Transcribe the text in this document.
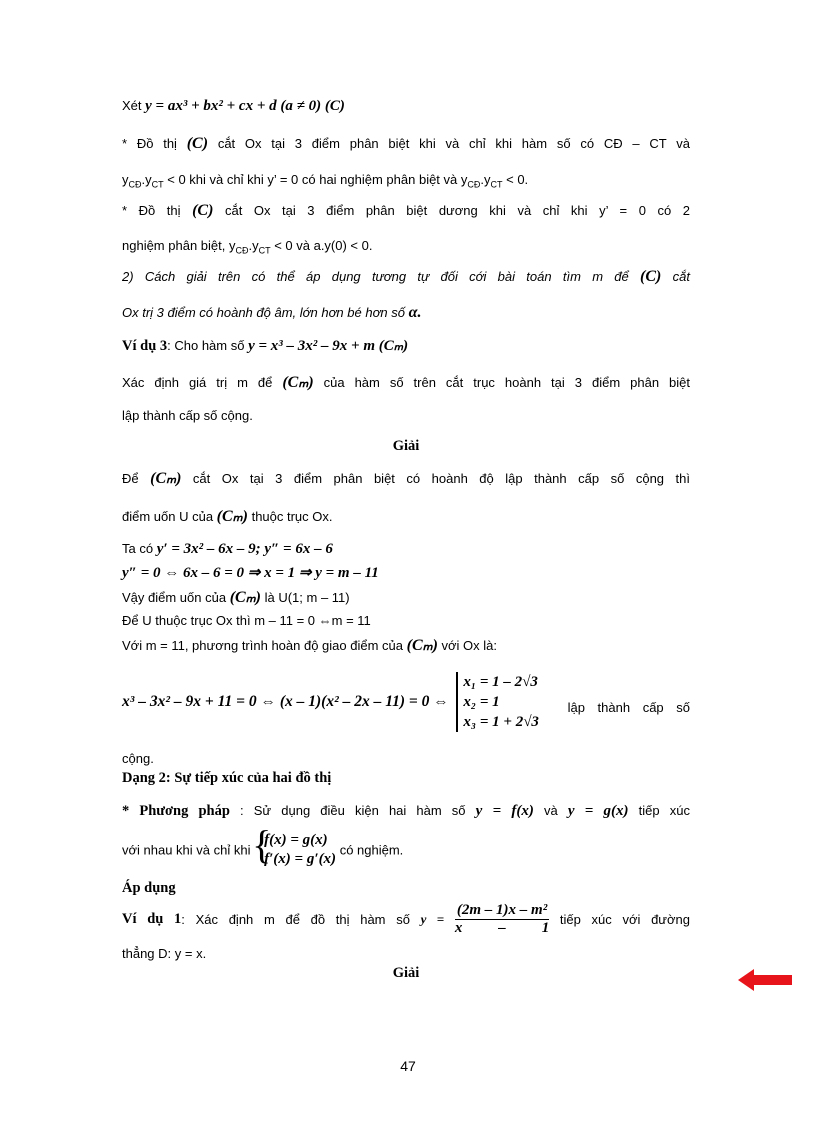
Xét y = ax³ + bx² + cx + d (a ≠ 0) (C)
* Đồ thị (C) cắt Ox tại 3 điểm phân biệt khi và chỉ khi hàm số có CĐ – CT và
$y_{CĐ}.y_{CT} < 0$ khi và chỉ khi y’ = 0 có hai nghiệm phân biệt và $y_{CĐ}.y_{CT} < 0$.
* Đồ thị (C) cắt Ox tại 3 điểm phân biệt dương khi và chỉ khi y’ = 0 có 2
nghiệm phân biệt, $y_{CĐ}.y_{CT} < 0$ và a.y(0) < 0.
2) Cách giải trên có thể áp dụng tương tự đối cới bài toán tìm m để (C) cắt
Ox trị 3 điểm có hoành độ âm, lớn hơn bé hơn số α.
Ví dụ 3: Cho hàm số y = x³ – 3x² – 9x + m (Cₘ)
Xác định giá trị m để (Cₘ) của hàm số trên cắt trục hoành tại 3 điểm phân biệt
lập thành cấp số cộng.
Giải
Để (Cₘ) cắt Ox tại 3 điểm phân biệt có hoành độ lập thành cấp số cộng thì
điểm uốn U của (Cₘ) thuộc trục Ox.
Ta có y′ = 3x² – 6x – 9; y″ = 6x – 6
y″ = 0 ⇔ 6x – 6 = 0 ⇒ x = 1 ⇒ y = m – 11
Vậy điểm uốn của (Cₘ) là U(1; m – 11)
Để U thuộc trục Ox thì m – 11 = 0 ⇔m = 11
Với m = 11, phương trình hoàn độ giao điểm của (Cₘ) với Ox là:
x³ – 3x² – 9x + 11 = 0 ⇔ (x – 1)(x² – 2x – 11) = 0 ⇔
x₁ = 1 – 2√3
x₂ = 1
x₃ = 1 + 2√3
lập thành cấp số
cộng.
Dạng 2: Sự tiếp xúc của hai đồ thị
* Phương pháp : Sử dụng điều kiện hai hàm số y = f(x) và y = g(x) tiếp xúc
với nhau khi và chỉ khi
{ f(x) = g(x)
f′(x) = g′(x)
có nghiệm.
Áp dụng
Ví dụ 1: Xác định m để đồ thị hàm số $y = \frac{\text{(2m – 1)x – m²}}{x - 1}$ tiếp xúc với đường
thẳng D: y = x.
Giải
47
